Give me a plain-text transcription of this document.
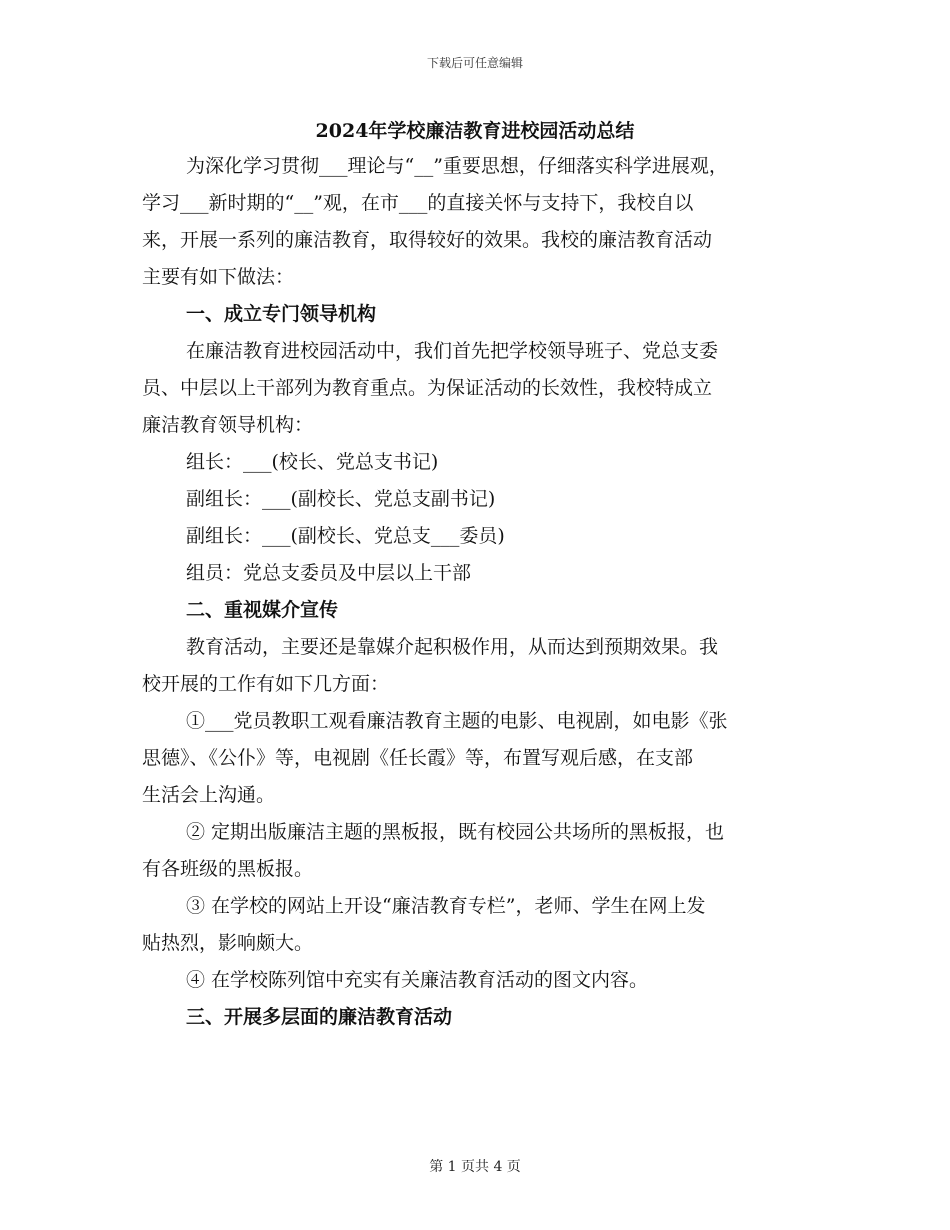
下载后可任意编辑
2024年学校廉洁教育进校园活动总结
为深化学习贯彻___理论与“__”重要思想，仔细落实科学进展观，
学习___新时期的“__”观，在市___的直接关怀与支持下，我校自以
来，开展一系列的廉洁教育，取得较好的效果。我校的廉洁教育活动
主要有如下做法：
一、成立专门领导机构
在廉洁教育进校园活动中，我们首先把学校领导班子、党总支委
员、中层以上干部列为教育重点。为保证活动的长效性，我校特成立
廉洁教育领导机构：
组长：___(校长、党总支书记)
副组长：___(副校长、党总支副书记)
副组长：___(副校长、党总支___委员)
组员：党总支委员及中层以上干部
二、重视媒介宣传
教育活动，主要还是靠媒介起积极作用，从而达到预期效果。我
校开展的工作有如下几方面：
①___党员教职工观看廉洁教育主题的电影、电视剧，如电影《张
思德》、《公仆》等，电视剧《任长霞》等，布置写观后感，在支部
生活会上沟通。
② 定期出版廉洁主题的黑板报，既有校园公共场所的黑板报，也
有各班级的黑板报。
③ 在学校的网站上开设“廉洁教育专栏”，老师、学生在网上发
贴热烈，影响颇大。
④ 在学校陈列馆中充实有关廉洁教育活动的图文内容。
三、开展多层面的廉洁教育活动
第 1 页共 4 页
